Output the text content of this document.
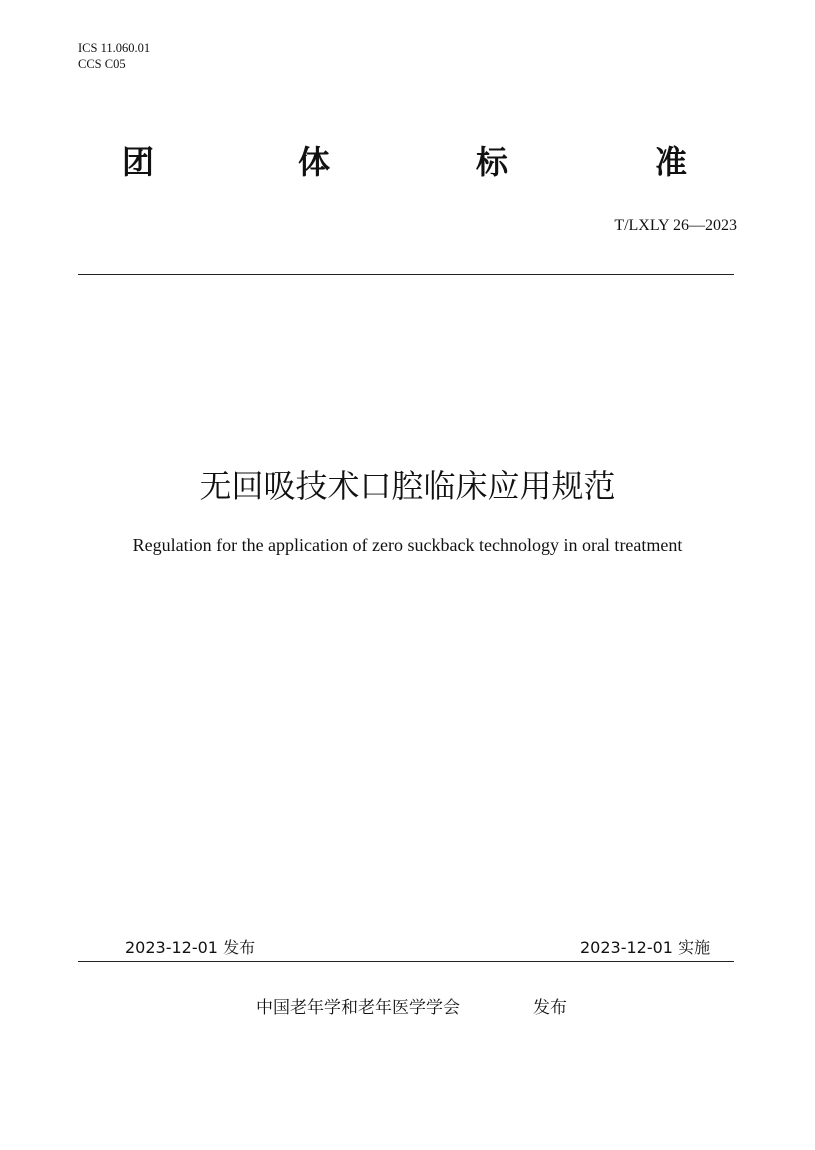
ICS 11.060.01
CCS C05
团	体	标	准
T/LXLY 26—2023
无回吸技术口腔临床应用规范
Regulation for the application of zero suckback technology in oral treatment
2023-12-01 发布	2023-12-01 实施
中国老年学和老年医学学会	发布
